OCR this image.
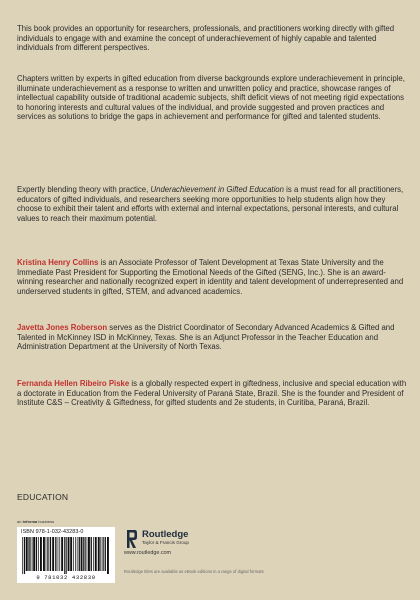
This book provides an opportunity for researchers, professionals, and practitioners working directly with gifted individuals to engage with and examine the concept of underachievement of highly capable and talented individuals from different perspectives.

Chapters written by experts in gifted education from diverse backgrounds explore underachievement in principle, illuminate underachievement as a response to written and unwritten policy and practice, showcase ranges of intellectual capability outside of traditional academic subjects, shift deficit views of not meeting rigid expectations to honoring interests and cultural values of the individual, and provide suggested and proven practices and services as solutions to bridge the gaps in achievement and performance for gifted and talented students.

Expertly blending theory with practice, Underachievement in Gifted Education is a must read for all practitioners, educators of gifted individuals, and researchers seeking more opportunities to help students align how they choose to exhibit their talent and efforts with external and internal expectations, personal interests, and cultural values to reach their maximum potential.

Kristina Henry Collins is an Associate Professor of Talent Development at Texas State University and the Immediate Past President for Supporting the Emotional Needs of the Gifted (SENG, Inc.). She is an award-winning researcher and nationally recognized expert in identity and talent development of underrepresented and underserved students in gifted, STEM, and advanced academics.

Javetta Jones Roberson serves as the District Coordinator of Secondary Advanced Academics & Gifted and Talented in McKinney ISD in McKinney, Texas. She is an Adjunct Professor in the Teacher Education and Administration Department at the University of North Texas.

Fernanda Hellen Ribeiro Piske is a globally respected expert in giftedness, inclusive and special education with a doctorate in Education from the Federal University of Paraná State, Brazil. She is the founder and President of Institute C&S – Creativity & Giftedness, for gifted students and 2e students, in Curitiba, Paraná, Brazil.

EDUCATION
an informa business
ISBN 978-1-032-43283-0
9 781032 432830
Routledge
Taylor & Francis Group
www.routledge.com
Routledge titles are available as eBook editions in a range of digital formats
